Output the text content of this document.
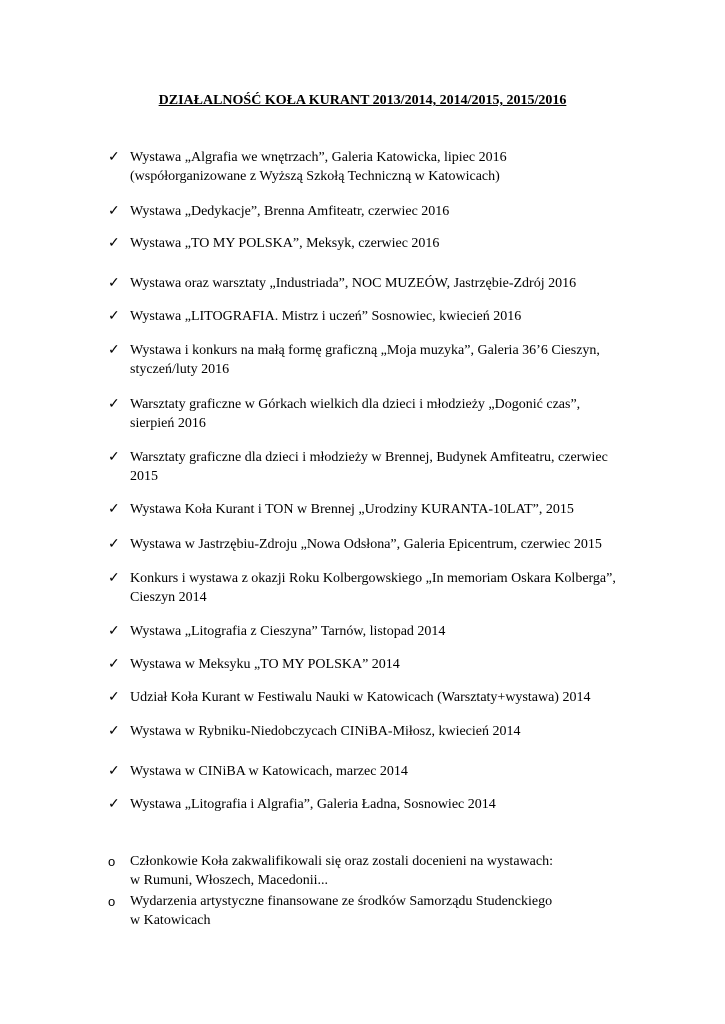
DZIAŁALNOŚĆ KOŁA KURANT 2013/2014, 2014/2015, 2015/2016
✓ Wystawa „Algrafia we wnętrzach”, Galeria Katowicka, lipiec 2016
(współorganizowane z Wyższą Szkołą Techniczną w Katowicach)
✓ Wystawa „Dedykacje”, Brenna Amfiteatr, czerwiec 2016
✓ Wystawa „TO MY POLSKA”, Meksyk, czerwiec 2016
✓ Wystawa oraz warsztaty „Industriada”, NOC MUZEÓW, Jastrzębie-Zdrój 2016
✓ Wystawa „LITOGRAFIA. Mistrz i uczeń” Sosnowiec, kwiecień 2016
✓ Wystawa i konkurs na małą formę graficzną „Moja muzyka”, Galeria 36’6 Cieszyn,
styczeń/luty 2016
✓ Warsztaty graficzne w Górkach wielkich dla dzieci i młodzieży „Dogonić czas”,
sierpień 2016
✓ Warsztaty graficzne dla dzieci i młodzieży w Brennej, Budynek Amfiteatru, czerwiec
2015
✓ Wystawa Koła Kurant i TON w Brennej „Urodziny KURANTA-10LAT”, 2015
✓ Wystawa w Jastrzębiu-Zdroju „Nowa Odsłona”, Galeria Epicentrum, czerwiec 2015
✓ Konkurs i wystawa z okazji Roku Kolbergowskiego „In memoriam Oskara Kolberga”,
Cieszyn 2014
✓ Wystawa „Litografia z Cieszyna” Tarnów, listopad 2014
✓ Wystawa w Meksyku „TO MY POLSKA” 2014
✓ Udział Koła Kurant w Festiwalu Nauki w Katowicach (Warsztaty+wystawa) 2014
✓ Wystawa w Rybniku-Niedobczycach CINiBA-Miłosz, kwiecień 2014
✓ Wystawa w CINiBA w Katowicach, marzec 2014
✓ Wystawa „Litografia i Algrafia”, Galeria Ładna, Sosnowiec 2014
o Członkowie Koła zakwalifikowali się oraz zostali docenieni na wystawach:
w Rumuni, Włoszech, Macedonii...
o Wydarzenia artystyczne finansowane ze środków Samorządu Studenckiego
w Katowicach
